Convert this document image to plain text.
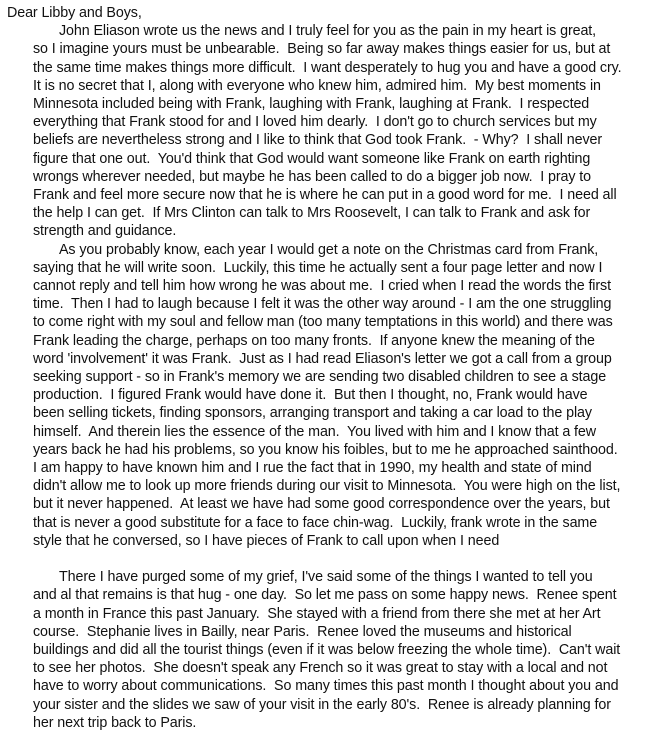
Dear Libby and Boys,

John Eliason wrote us the news and I truly feel for you as the pain in my heart is great,
so I imagine yours must be unbearable.  Being so far away makes things easier for us, but at
the same time makes things more difficult.  I want desperately to hug you and have a good cry.
It is no secret that I, along with everyone who knew him, admired him.  My best moments in
Minnesota included being with Frank, laughing with Frank, laughing at Frank.  I respected
everything that Frank stood for and I loved him dearly.  I don't go to church services but my
beliefs are nevertheless strong and I like to think that God took Frank.  - Why?  I shall never
figure that one out.  You'd think that God would want someone like Frank on earth righting
wrongs wherever needed, but maybe he has been called to do a bigger job now.  I pray to
Frank and feel more secure now that he is where he can put in a good word for me.  I need all
the help I can get.  If Mrs Clinton can talk to Mrs Roosevelt, I can talk to Frank and ask for
strength and guidance.
As you probably know, each year I would get a note on the Christmas card from Frank,
saying that he will write soon.  Luckily, this time he actually sent a four page letter and now I
cannot reply and tell him how wrong he was about me.  I cried when I read the words the first
time.  Then I had to laugh because I felt it was the other way around - I am the one struggling
to come right with my soul and fellow man (too many temptations in this world) and there was
Frank leading the charge, perhaps on too many fronts.  If anyone knew the meaning of the
word 'involvement' it was Frank.  Just as I had read Eliason's letter we got a call from a group
seeking support - so in Frank's memory we are sending two disabled children to see a stage
production.  I figured Frank would have done it.  But then I thought, no, Frank would have
been selling tickets, finding sponsors, arranging transport and taking a car load to the play
himself.  And therein lies the essence of the man.  You lived with him and I know that a few
years back he had his problems, so you know his foibles, but to me he approached sainthood.
I am happy to have known him and I rue the fact that in 1990, my health and state of mind
didn't allow me to look up more friends during our visit to Minnesota.  You were high on the list,
but it never happened.  At least we have had some good correspondence over the years, but
that is never a good substitute for a face to face chin-wag.  Luckily, frank wrote in the same
style that he conversed, so I have pieces of Frank to call upon when I need
There I have purged some of my grief, I've said some of the things I wanted to tell you
and al that remains is that hug - one day.  So let me pass on some happy news.  Renee spent
a month in France this past January.  She stayed with a friend from there she met at her Art
course.  Stephanie lives in Bailly, near Paris.  Renee loved the museums and historical
buildings and did all the tourist things (even if it was below freezing the whole time).  Can't wait
to see her photos.  She doesn't speak any French so it was great to stay with a local and not
have to worry about communications.  So many times this past month I thought about you and
your sister and the slides we saw of your visit in the early 80's.  Renee is already planning for
her next trip back to Paris.
